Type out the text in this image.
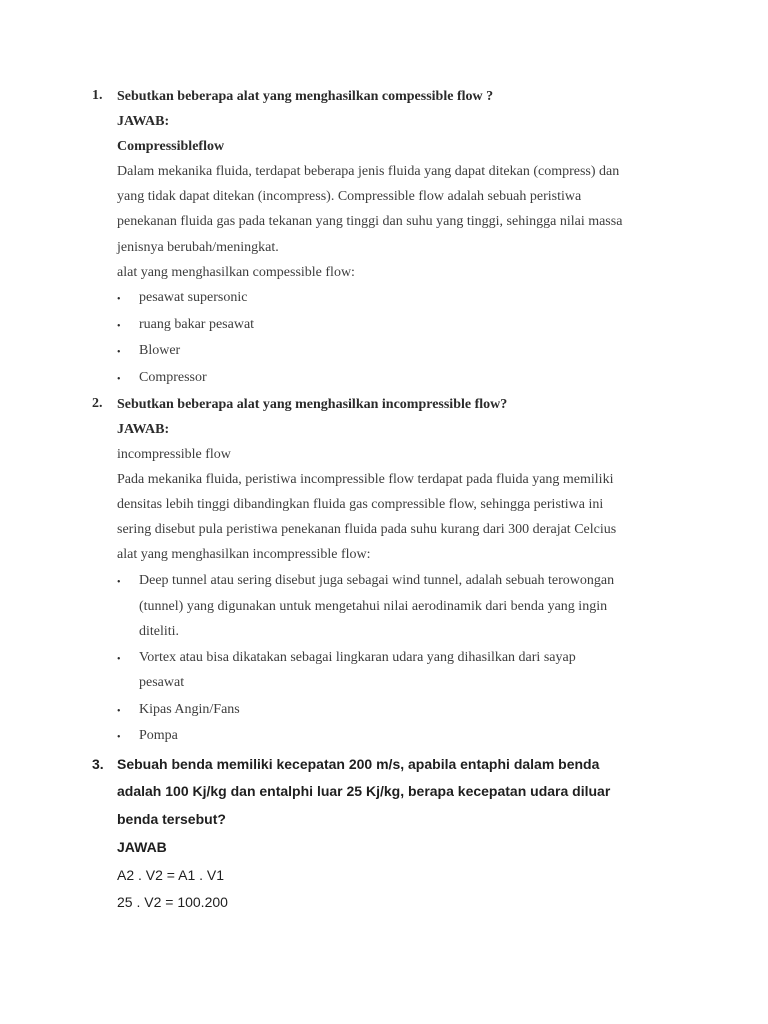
1. Sebutkan beberapa alat yang menghasilkan compessible flow ?
JAWAB:
Compressibleflow
Dalam mekanika fluida, terdapat beberapa jenis fluida yang dapat ditekan (compress) dan
yang tidak dapat ditekan (incompress). Compressible flow adalah sebuah peristiwa
penekanan fluida gas pada tekanan yang tinggi dan suhu yang tinggi, sehingga nilai massa
jenisnya berubah/meningkat.
alat yang menghasilkan compessible flow:
• pesawat supersonic
• ruang bakar pesawat
• Blower
• Compressor
2. Sebutkan beberapa alat yang menghasilkan incompressible flow?
JAWAB:
incompressible flow
Pada mekanika fluida, peristiwa incompressible flow terdapat pada fluida yang memiliki
densitas lebih tinggi dibandingkan fluida gas compressible flow, sehingga peristiwa ini
sering disebut pula peristiwa penekanan fluida pada suhu kurang dari 300 derajat Celcius
alat yang menghasilkan incompressible flow:
• Deep tunnel atau sering disebut juga sebagai wind tunnel, adalah sebuah terowongan
(tunnel) yang digunakan untuk mengetahui nilai aerodinamik dari benda yang ingin
diteliti.
• Vortex atau bisa dikatakan sebagai lingkaran udara yang dihasilkan dari sayap
pesawat
• Kipas Angin/Fans
• Pompa
3. Sebuah benda memiliki kecepatan 200 m/s, apabila entaphi dalam benda
adalah 100 Kj/kg dan entalphi luar 25 Kj/kg, berapa kecepatan udara diluar
benda tersebut?
JAWAB
A2 . V2 = A1 . V1
25 . V2 = 100.200
